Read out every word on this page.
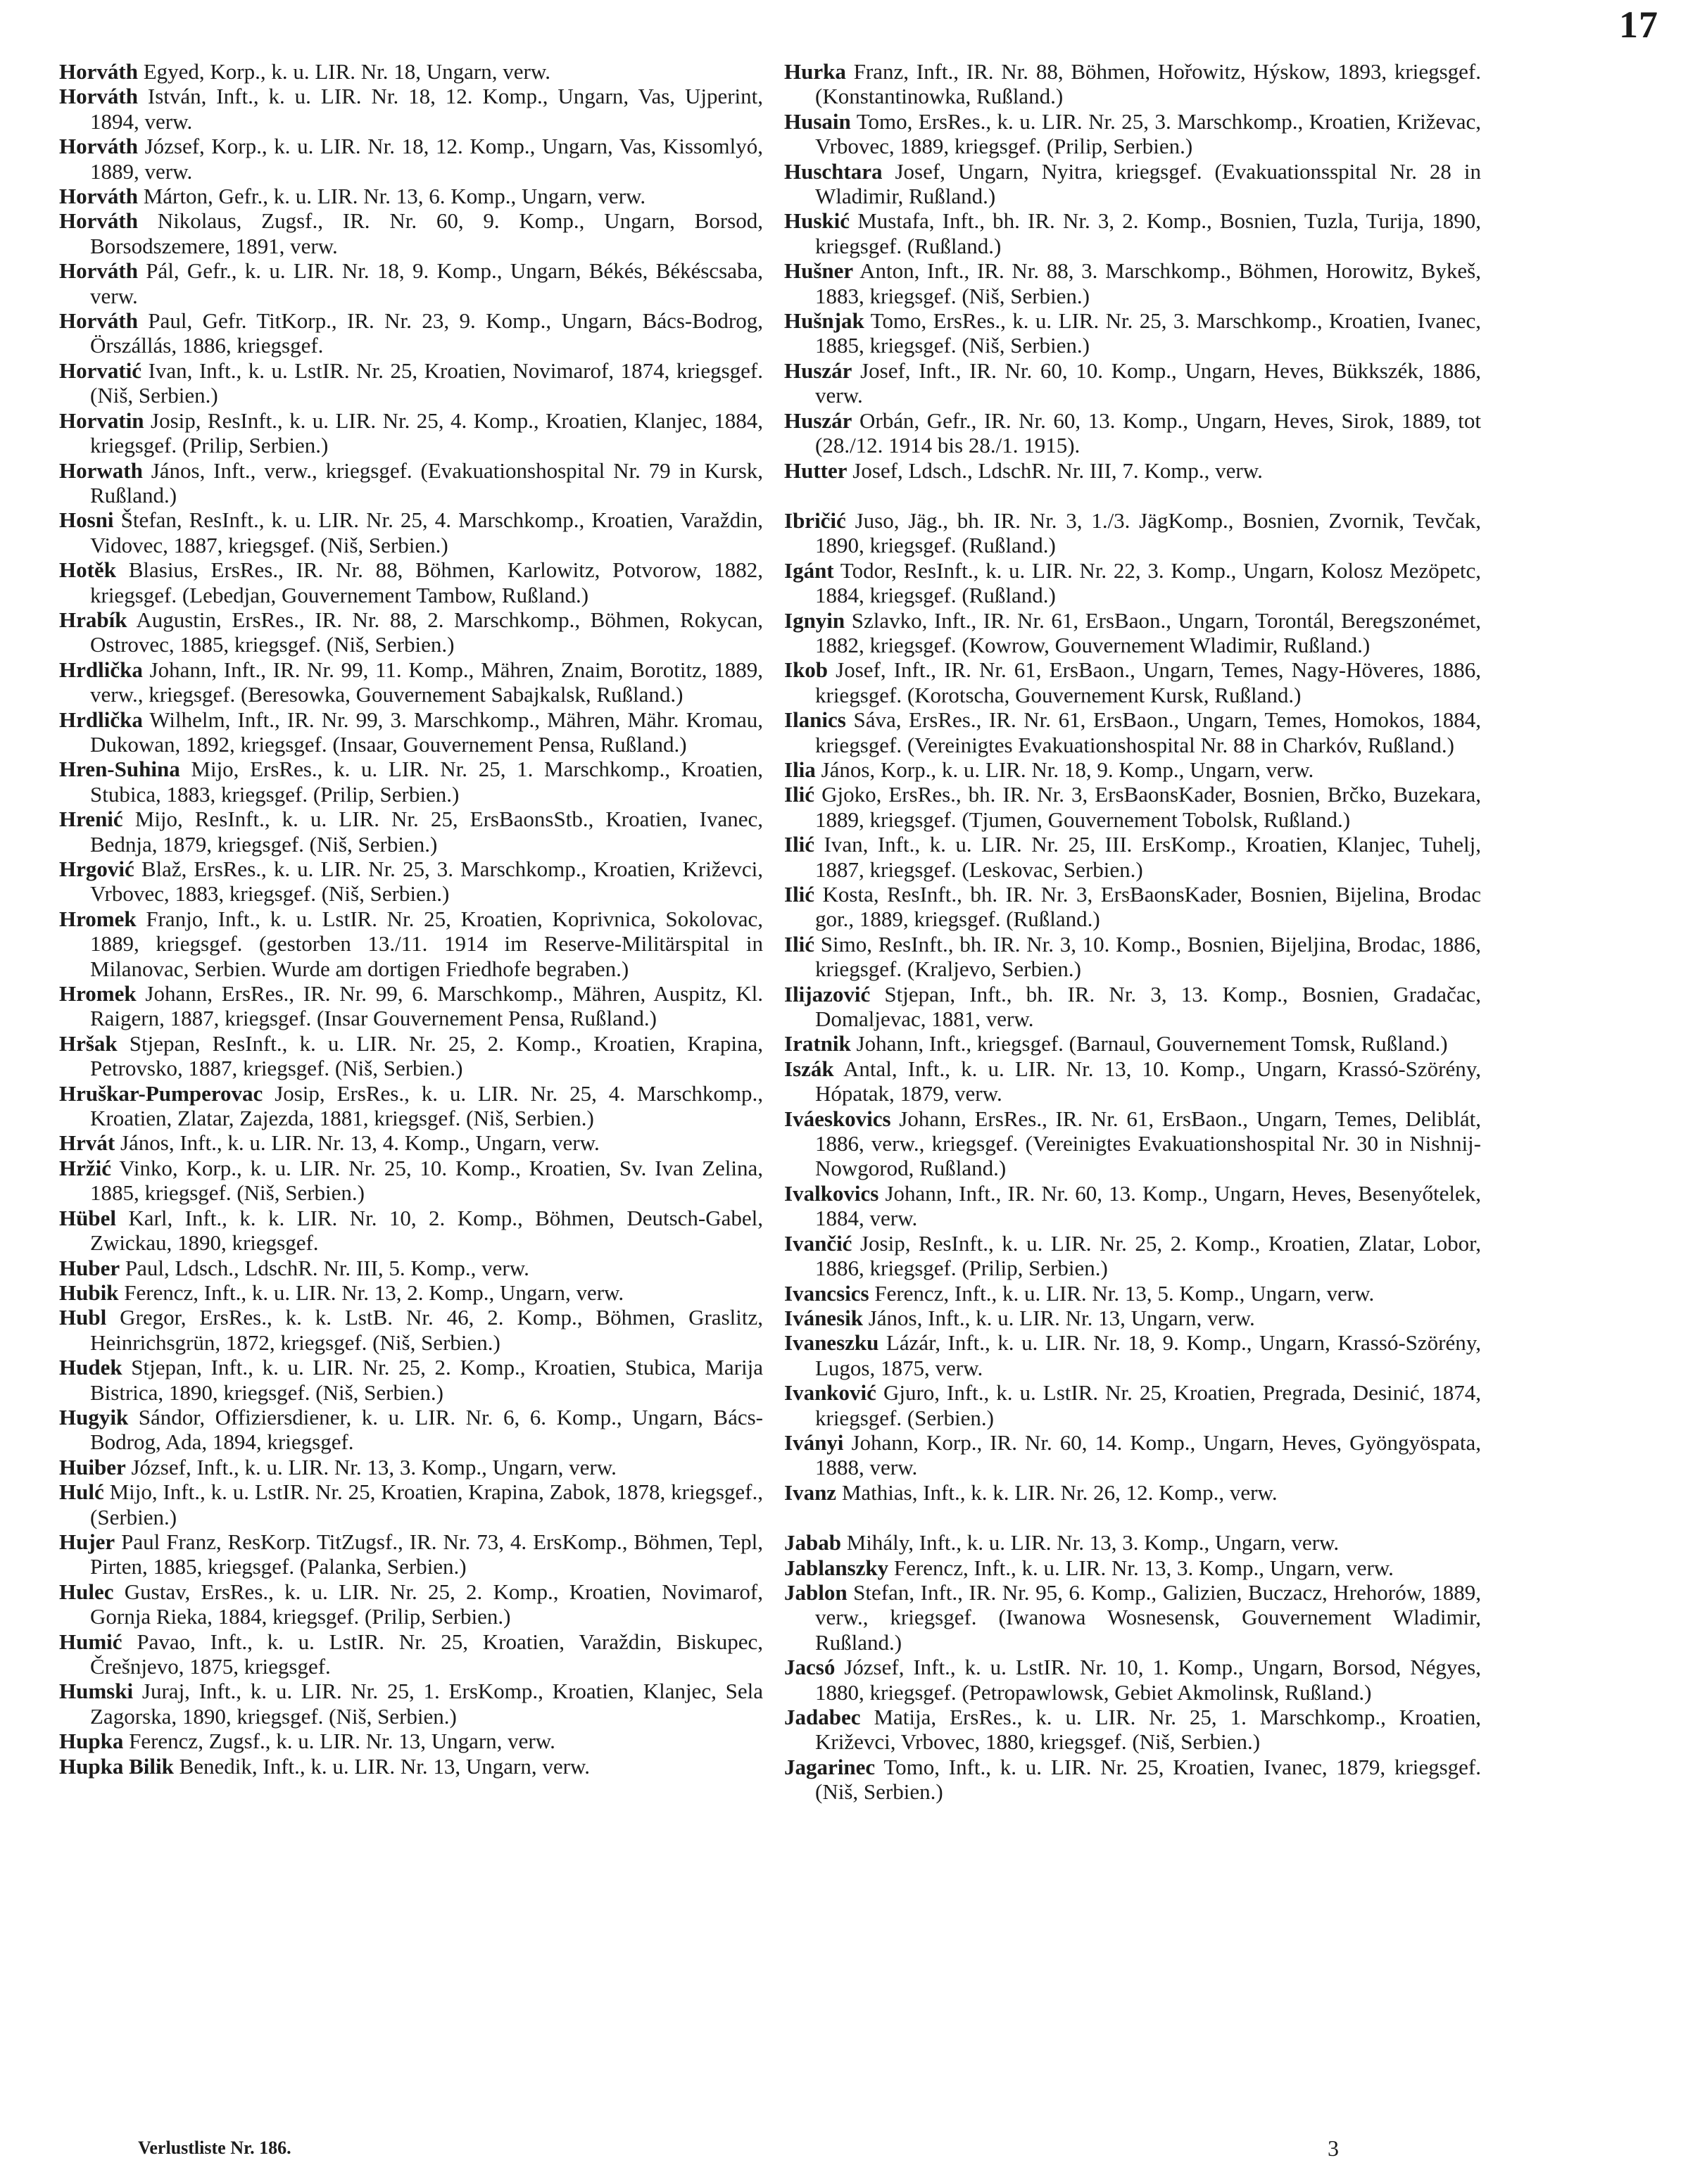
17
Horváth Egyed, Korp., k. u. LIR. Nr. 18, Ungarn, verw.
Horváth István, Inft., k. u. LIR. Nr. 18, 12. Komp., Ungarn, Vas, Ujperint, 1894, verw.
Horváth József, Korp., k. u. LIR. Nr. 18, 12. Komp., Ungarn, Vas, Kissomlyó, 1889, verw.
Horváth Márton, Gefr., k. u. LIR. Nr. 13, 6. Komp., Ungarn, verw.
Horváth Nikolaus, Zugsf., IR. Nr. 60, 9. Komp., Ungarn, Borsod, Borsodszemere, 1891, verw.
Horváth Pál, Gefr., k. u. LIR. Nr. 18, 9. Komp., Ungarn, Békés, Békéscsaba, verw.
Horváth Paul, Gefr. TitKorp., IR. Nr. 23, 9. Komp., Ungarn, Bács-Bodrog, Örszállás, 1886, kriegsgef.
Horvatić Ivan, Inft., k. u. LstIR. Nr. 25, Kroatien, Novimarof, 1874, kriegsgef. (Niš, Serbien.)
Horvatin Josip, ResInft., k. u. LIR. Nr. 25, 4. Komp., Kroatien, Klanjec, 1884, kriegsgef. (Prilip, Serbien.)
Horwath János, Inft., verw., kriegsgef. (Evakuationshospital Nr. 79 in Kursk, Rußland.)
Hosni Štefan, ResInft., k. u. LIR. Nr. 25, 4. Marschkomp., Kroatien, Varaždin, Vidovec, 1887, kriegsgef. (Niš, Serbien.)
Hotěk Blasius, ErsRes., IR. Nr. 88, Böhmen, Karlowitz, Potvorow, 1882, kriegsgef. (Lebedjan, Gouvernement Tambow, Rußland.)
Hrabík Augustin, ErsRes., IR. Nr. 88, 2. Marschkomp., Böhmen, Rokycan, Ostrovec, 1885, kriegsgef. (Niš, Serbien.)
Hrdlička Johann, Inft., IR. Nr. 99, 11. Komp., Mähren, Znaim, Borotitz, 1889, verw., kriegsgef. (Beresowka, Gouvernement Sabajkalsk, Rußland.)
Hrdlička Wilhelm, Inft., IR. Nr. 99, 3. Marschkomp., Mähren, Mähr. Kromau, Dukowan, 1892, kriegsgef. (Insaar, Gouvernement Pensa, Rußland.)
Hren-Suhina Mijo, ErsRes., k. u. LIR. Nr. 25, 1. Marschkomp., Kroatien, Stubica, 1883, kriegsgef. (Prilip, Serbien.)
Hrenić Mijo, ResInft., k. u. LIR. Nr. 25, ErsBaonsStb., Kroatien, Ivanec, Bednja, 1879, kriegsgef. (Niš, Serbien.)
Hrgović Blaž, ErsRes., k. u. LIR. Nr. 25, 3. Marschkomp., Kroatien, Križevci, Vrbovec, 1883, kriegsgef. (Niš, Serbien.)
Hromek Franjo, Inft., k. u. LstIR. Nr. 25, Kroatien, Koprivnica, Sokolovac, 1889, kriegsgef. (gestorben 13./11. 1914 im Reserve-Militärspital in Milanovac, Serbien. Wurde am dortigen Friedhofe begraben.)
Hromek Johann, ErsRes., IR. Nr. 99, 6. Marschkomp., Mähren, Auspitz, Kl. Raigern, 1887, kriegsgef. (Insar Gouvernement Pensa, Rußland.)
Hršak Stjepan, ResInft., k. u. LIR. Nr. 25, 2. Komp., Kroatien, Krapina, Petrovsko, 1887, kriegsgef. (Niš, Serbien.)
Hruškar-Pumperovac Josip, ErsRes., k. u. LIR. Nr. 25, 4. Marschkomp., Kroatien, Zlatar, Zajezda, 1881, kriegsgef. (Niš, Serbien.)
Hrvát János, Inft., k. u. LIR. Nr. 13, 4. Komp., Ungarn, verw.
Hržić Vinko, Korp., k. u. LIR. Nr. 25, 10. Komp., Kroatien, Sv. Ivan Zelina, 1885, kriegsgef. (Niš, Serbien.)
Hübel Karl, Inft., k. k. LIR. Nr. 10, 2. Komp., Böhmen, Deutsch-Gabel, Zwickau, 1890, kriegsgef.
Huber Paul, Ldsch., LdschR. Nr. III, 5. Komp., verw.
Hubik Ferencz, Inft., k. u. LIR. Nr. 13, 2. Komp., Ungarn, verw.
Hubl Gregor, ErsRes., k. k. LstB. Nr. 46, 2. Komp., Böhmen, Graslitz, Heinrichsgrün, 1872, kriegsgef. (Niš, Serbien.)
Hudek Stjepan, Inft., k. u. LIR. Nr. 25, 2. Komp., Kroatien, Stubica, Marija Bistrica, 1890, kriegsgef. (Niš, Serbien.)
Hugyik Sándor, Offiziersdiener, k. u. LIR. Nr. 6, 6. Komp., Ungarn, Bács-Bodrog, Ada, 1894, kriegsgef.
Huiber József, Inft., k. u. LIR. Nr. 13, 3. Komp., Ungarn, verw.
Hulć Mijo, Inft., k. u. LstIR. Nr. 25, Kroatien, Krapina, Zabok, 1878, kriegsgef., (Serbien.)
Hujer Paul Franz, ResKorp. TitZugsf., IR. Nr. 73, 4. ErsKomp., Böhmen, Tepl, Pirten, 1885, kriegsgef. (Palanka, Serbien.)
Hulec Gustav, ErsRes., k. u. LIR. Nr. 25, 2. Komp., Kroatien, Novimarof, Gornja Rieka, 1884, kriegsgef. (Prilip, Serbien.)
Humić Pavao, Inft., k. u. LstIR. Nr. 25, Kroatien, Varaždin, Biskupec, Črešnjevo, 1875, kriegsgef.
Humski Juraj, Inft., k. u. LIR. Nr. 25, 1. ErsKomp., Kroatien, Klanjec, Sela Zagorska, 1890, kriegsgef. (Niš, Serbien.)
Hupka Ferencz, Zugsf., k. u. LIR. Nr. 13, Ungarn, verw.
Hupka Bilik Benedik, Inft., k. u. LIR. Nr. 13, Ungarn, verw.
Hurka Franz, Inft., IR. Nr. 88, Böhmen, Hořowitz, Hýskow, 1893, kriegsgef. (Konstantinowka, Rußland.)
Husain Tomo, ErsRes., k. u. LIR. Nr. 25, 3. Marschkomp., Kroatien, Križevac, Vrbovec, 1889, kriegsgef. (Prilip, Serbien.)
Huschtara Josef, Ungarn, Nyitra, kriegsgef. (Evakuationsspital Nr. 28 in Wladimir, Rußland.)
Huskić Mustafa, Inft., bh. IR. Nr. 3, 2. Komp., Bosnien, Tuzla, Turija, 1890, kriegsgef. (Rußland.)
Hušner Anton, Inft., IR. Nr. 88, 3. Marschkomp., Böhmen, Horowitz, Bykeš, 1883, kriegsgef. (Niš, Serbien.)
Hušnjak Tomo, ErsRes., k. u. LIR. Nr. 25, 3. Marschkomp., Kroatien, Ivanec, 1885, kriegsgef. (Niš, Serbien.)
Huszár Josef, Inft., IR. Nr. 60, 10. Komp., Ungarn, Heves, Bükkszék, 1886, verw.
Huszár Orbán, Gefr., IR. Nr. 60, 13. Komp., Ungarn, Heves, Sirok, 1889, tot (28./12. 1914 bis 28./1. 1915).
Hutter Josef, Ldsch., LdschR. Nr. III, 7. Komp., verw.
Ibričić Juso, Jäg., bh. IR. Nr. 3, 1./3. JägKomp., Bosnien, Zvornik, Tevčak, 1890, kriegsgef. (Rußland.)
Igánt Todor, ResInft., k. u. LIR. Nr. 22, 3. Komp., Ungarn, Kolosz Mezöpetc, 1884, kriegsgef. (Rußland.)
Ignyin Szlavko, Inft., IR. Nr. 61, ErsBaon., Ungarn, Torontál, Beregszonémet, 1882, kriegsgef. (Kowrow, Gouvernement Wladimir, Rußland.)
Ikob Josef, Inft., IR. Nr. 61, ErsBaon., Ungarn, Temes, Nagy-Höveres, 1886, kriegsgef. (Korotscha, Gouvernement Kursk, Rußland.)
Ilanics Sáva, ErsRes., IR. Nr. 61, ErsBaon., Ungarn, Temes, Homokos, 1884, kriegsgef. (Vereinigtes Evakuationshospital Nr. 88 in Charkóv, Rußland.)
Ilia János, Korp., k. u. LIR. Nr. 18, 9. Komp., Ungarn, verw.
Ilić Gjoko, ErsRes., bh. IR. Nr. 3, ErsBaonsKader, Bosnien, Brčko, Buzekara, 1889, kriegsgef. (Tjumen, Gouvernement Tobolsk, Rußland.)
Ilić Ivan, Inft., k. u. LIR. Nr. 25, III. ErsKomp., Kroatien, Klanjec, Tuhelj, 1887, kriegsgef. (Leskovac, Serbien.)
Ilić Kosta, ResInft., bh. IR. Nr. 3, ErsBaonsKader, Bosnien, Bijelina, Brodac gor., 1889, kriegsgef. (Rußland.)
Ilić Simo, ResInft., bh. IR. Nr. 3, 10. Komp., Bosnien, Bijeljina, Brodac, 1886, kriegsgef. (Kraljevo, Serbien.)
Ilijazović Stjepan, Inft., bh. IR. Nr. 3, 13. Komp., Bosnien, Gradačac, Domaljevac, 1881, verw.
Iratnik Johann, Inft., kriegsgef. (Barnaul, Gouvernement Tomsk, Rußland.)
Iszák Antal, Inft., k. u. LIR. Nr. 13, 10. Komp., Ungarn, Krassó-Szörény, Hópatak, 1879, verw.
Iváeskovics Johann, ErsRes., IR. Nr. 61, ErsBaon., Ungarn, Temes, Deliblát, 1886, verw., kriegsgef. (Vereinigtes Evakuationshospital Nr. 30 in Nishnij-Nowgorod, Rußland.)
Ivalkovics Johann, Inft., IR. Nr. 60, 13. Komp., Ungarn, Heves, Besenyőtelek, 1884, verw.
Ivančić Josip, ResInft., k. u. LIR. Nr. 25, 2. Komp., Kroatien, Zlatar, Lobor, 1886, kriegsgef. (Prilip, Serbien.)
Ivancsics Ferencz, Inft., k. u. LIR. Nr. 13, 5. Komp., Ungarn, verw.
Ivánesik János, Inft., k. u. LIR. Nr. 13, Ungarn, verw.
Ivaneszku Lázár, Inft., k. u. LIR. Nr. 18, 9. Komp., Ungarn, Krassó-Szörény, Lugos, 1875, verw.
Ivanković Gjuro, Inft., k. u. LstIR. Nr. 25, Kroatien, Pregrada, Desinić, 1874, kriegsgef. (Serbien.)
Iványi Johann, Korp., IR. Nr. 60, 14. Komp., Ungarn, Heves, Gyöngyöspata, 1888, verw.
Ivanz Mathias, Inft., k. k. LIR. Nr. 26, 12. Komp., verw.
Jabab Mihály, Inft., k. u. LIR. Nr. 13, 3. Komp., Ungarn, verw.
Jablanszky Ferencz, Inft., k. u. LIR. Nr. 13, 3. Komp., Ungarn, verw.
Jablon Stefan, Inft., IR. Nr. 95, 6. Komp., Galizien, Buczacz, Hrehorów, 1889, verw., kriegsgef. (Iwanowa Wosnesensk, Gouvernement Wladimir, Rußland.)
Jacsó József, Inft., k. u. LstIR. Nr. 10, 1. Komp., Ungarn, Borsod, Négyes, 1880, kriegsgef. (Petropawlowsk, Gebiet Akmolinsk, Rußland.)
Jadabec Matija, ErsRes., k. u. LIR. Nr. 25, 1. Marschkomp., Kroatien, Križevci, Vrbovec, 1880, kriegsgef. (Niš, Serbien.)
Jagarinec Tomo, Inft., k. u. LIR. Nr. 25, Kroatien, Ivanec, 1879, kriegsgef. (Niš, Serbien.)
Verlustliste Nr. 186.	3
